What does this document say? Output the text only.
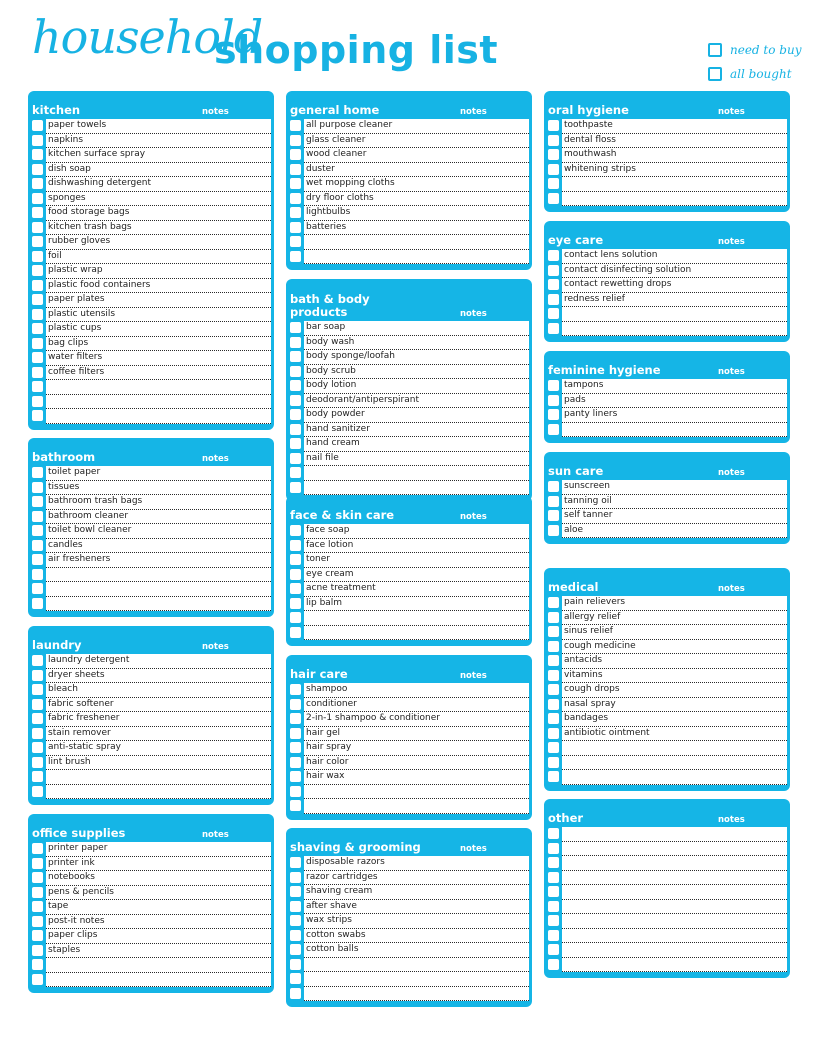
household
shopping list	need to buy
all bought
kitchen	notes
paper towels
napkins
kitchen surface spray
dish soap
dishwashing detergent
sponges
food storage bags
kitchen trash bags
rubber gloves
foil
plastic wrap
plastic food containers
paper plates
plastic utensils
plastic cups
bag clips
water filters
coffee filters
bathroom	notes
toilet paper
tissues
bathroom trash bags
bathroom cleaner
toilet bowl cleaner
candles
air fresheners
laundry	notes
laundry detergent
dryer sheets
bleach
fabric softener
fabric freshener
stain remover
anti-static spray
lint brush
office supplies	notes
printer paper
printer ink
notebooks
pens & pencils
tape
post-it notes
paper clips
staples
general home	notes
all purpose cleaner
glass cleaner
wood cleaner
duster
wet mopping cloths
dry floor cloths
lightbulbs
batteries
bath & body products	notes
bar soap
body wash
body sponge/loofah
body scrub
body lotion
deodorant/antiperspirant
body powder
hand sanitizer
hand cream
nail file
face & skin care	notes
face soap
face lotion
toner
eye cream
acne treatment
lip balm
hair care	notes
shampoo
conditioner
2-in-1 shampoo & conditioner
hair gel
hair spray
hair color
hair wax
shaving & grooming	notes
disposable razors
razor cartridges
shaving cream
after shave
wax strips
cotton swabs
cotton balls
oral hygiene	notes
toothpaste
dental floss
mouthwash
whitening strips
eye care	notes
contact lens solution
contact disinfecting solution
contact rewetting drops
redness relief
feminine hygiene	notes
tampons
pads
panty liners
sun care	notes
sunscreen
tanning oil
self tanner
aloe
medical	notes
pain relievers
allergy relief
sinus relief
cough medicine
antacids
vitamins
cough drops
nasal spray
bandages
antibiotic ointment
other	notes
